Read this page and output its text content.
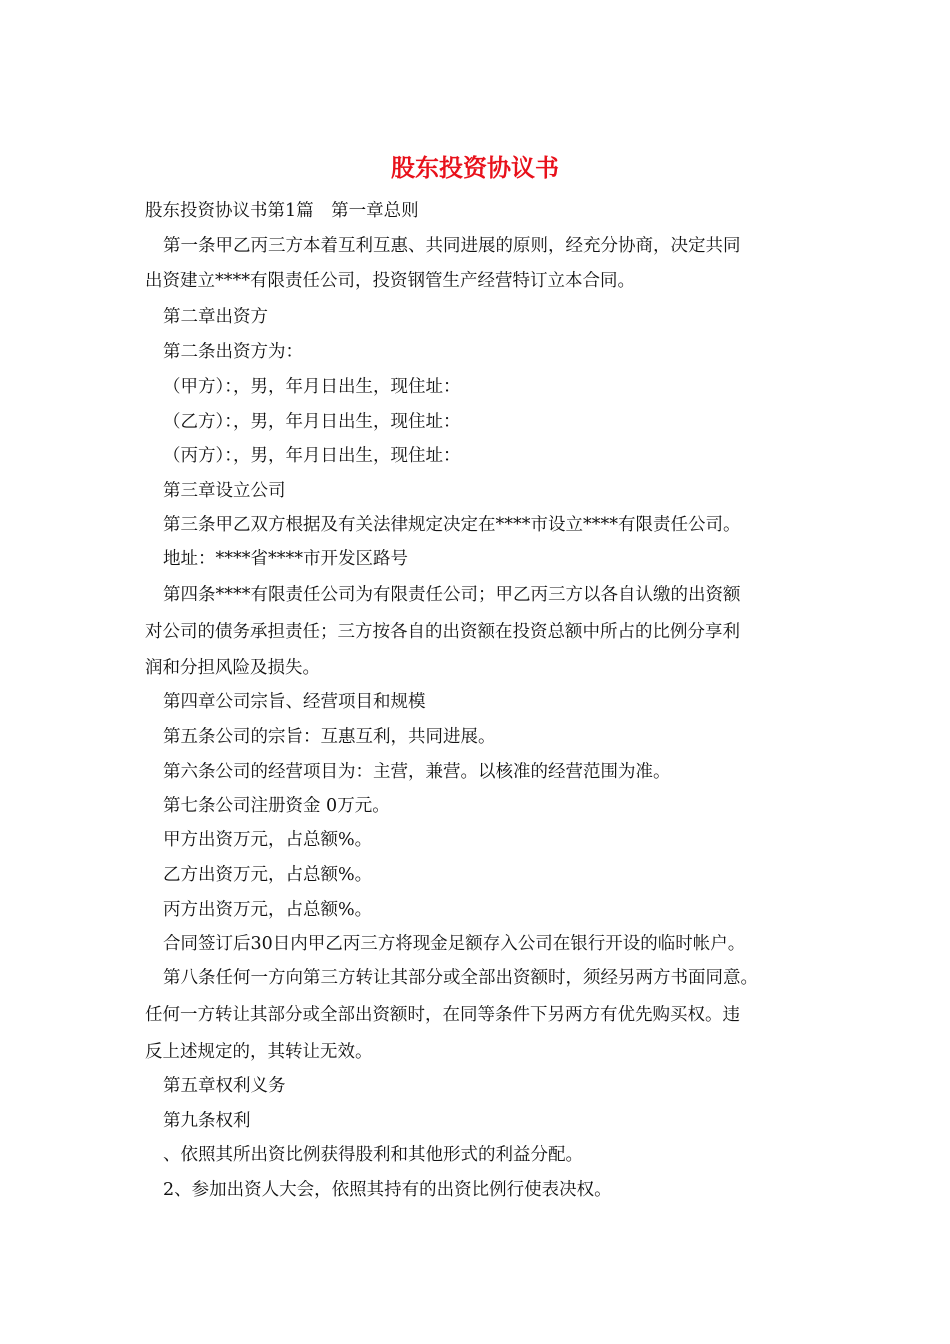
股东投资协议书

股东投资协议书第1篇　第一章总则

第一条甲乙丙三方本着互利互惠、共同进展的原则，经充分协商，决定共同

出资建立****有限责任公司，投资钢管生产经营特订立本合同。

第二章出资方

第二条出资方为：

（甲方）：，男，年月日出生，现住址：

（乙方）：，男，年月日出生，现住址：

（丙方）：，男，年月日出生，现住址：

第三章设立公司

第三条甲乙双方根据及有关法律规定决定在****市设立****有限责任公司。

地址：****省****市开发区路号

第四条****有限责任公司为有限责任公司；甲乙丙三方以各自认缴的出资额

对公司的债务承担责任；三方按各自的出资额在投资总额中所占的比例分享利

润和分担风险及损失。

第四章公司宗旨、经营项目和规模

第五条公司的宗旨：互惠互利，共同进展。

第六条公司的经营项目为：主营，兼营。以核准的经营范围为准。

第七条公司注册资金 0万元。

甲方出资万元，占总额%。

乙方出资万元，占总额%。

丙方出资万元，占总额%。

合同签订后30日内甲乙丙三方将现金足额存入公司在银行开设的临时帐户。

第八条任何一方向第三方转让其部分或全部出资额时，须经另两方书面同意。

任何一方转让其部分或全部出资额时，在同等条件下另两方有优先购买权。违

反上述规定的，其转让无效。

第五章权利义务

第九条权利

、依照其所出资比例获得股利和其他形式的利益分配。

2、参加出资人大会，依照其持有的出资比例行使表决权。
